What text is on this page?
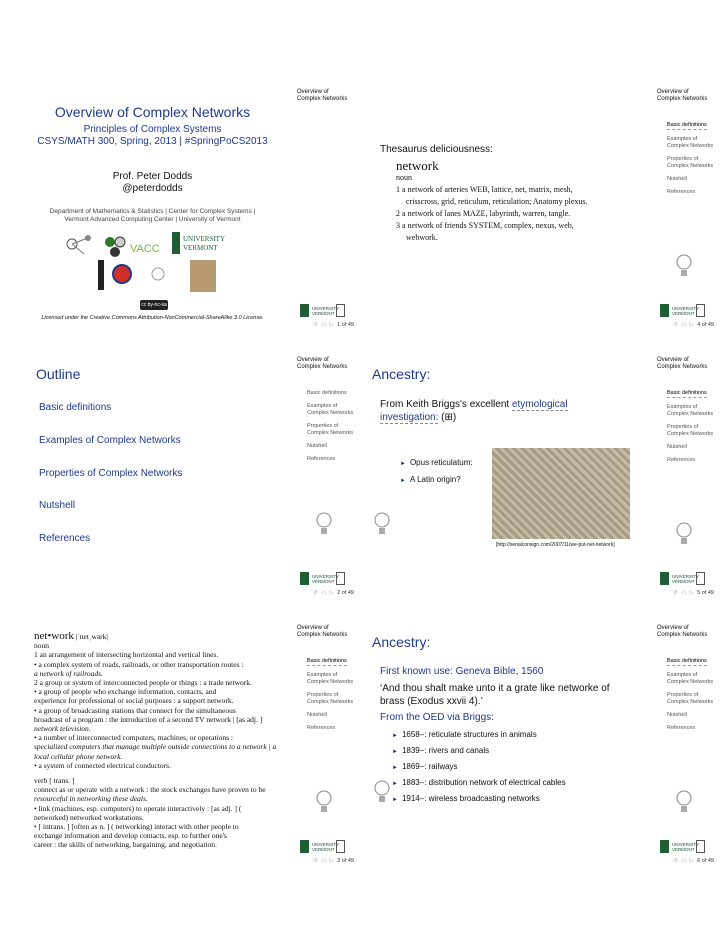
Overview of
Complex Networks
Overview of Complex Networks
Principles of Complex Systems
CSYS/MATH 300, Spring, 2013 | #SpringPoCS2013
Prof. Peter Dodds
@peterdodds
Department of Mathematics & Statistics | Center for Complex Systems |
Vermont Advanced Computing Center | University of Vermont
VACC
UNIVERSITY
VERMONT
cc by-nc-sa
Licensed under the Creative Commons Attribution-NonCommercial-ShareAlike 3.0 License.
UNIVERSITY
VERMONT
↺ ◁ ▷ 1 of 49
Overview of
Complex Networks
Basic definitions
Examples of Complex Networks
Properties of Complex Networks
Nutshell
References
Thesaurus deliciousness:
network
noun
1 a network of arteries WEB, lattice, net, matrix, mesh,
crisscross, grid, reticulum, reticulation; Anatomy plexus.
2 a network of lanes MAZE, labyrinth, warren, tangle.
3 a network of friends SYSTEM, complex, nexus, web,
webwork.
UNIVERSITY
VERMONT
↺ ◁ ▷ 4 of 49
Overview of
Complex Networks
Basic definitions
Examples of Complex Networks
Properties of Complex Networks
Nutshell
References
Outline
Basic definitions
Examples of Complex Networks
Properties of Complex Networks
Nutshell
References
UNIVERSITY
VERMONT
↺ ◁ ▷ 2 of 49
Overview of
Complex Networks
Basic definitions
Examples of Complex Networks
Properties of Complex Networks
Nutshell
References
Ancestry:
From Keith Briggs's excellent etymological investigation: (⊞)
► Opus reticulatum:
► A Latin origin?
[http://serialconsign.com/2007/11/we-put-net-network]
UNIVERSITY
VERMONT
↺ ◁ ▷ 5 of 49
Overview of
Complex Networks
Basic definitions
Examples of Complex Networks
Properties of Complex Networks
Nutshell
References
net•work |ˈnetˌwərk|
noun
1 an arrangement of intersecting horizontal and vertical lines.
• a complex system of roads, railroads, or other transportation routes :
a network of railroads.
2 a group or system of interconnected people or things : a trade network.
• a group of people who exchange information, contacts, and
experience for professional or social purposes : a support network.
• a group of broadcasting stations that connect for the simultaneous
broadcast of a program : the introduction of a second TV network | [as adj. ]
network television.
• a number of interconnected computers, machines, or operations :
specialized computers that manage multiple outside connections to a network | a
local cellular phone network.
• a system of connected electrical conductors.
verb [ trans. ]
connect as or operate with a network : the stock exchanges have proven to be
resourceful in networking these deals.
• link (machines, esp. computers) to operate interactively : [as adj. ] (
networked) networked workstations.
• [ intrans. ] [often as n. ] ( networking) interact with other people to
exchange information and develop contacts, esp. to further one's
career : the skills of networking, bargaining, and negotiation.	UNIVERSITY
VERMONT
↺ ◁ ▷ 3 of 49
Overview of
Complex Networks
Basic definitions
Examples of Complex Networks
Properties of Complex Networks
Nutshell
References
Ancestry:
First known use: Geneva Bible, 1560
‘And thou shalt make unto it a grate like networke of brass (Exodus xxvii 4).’
From the OED via Briggs:
► 1658–: reticulate structures in animals
► 1839–: rivers and canals
► 1869–: railways
► 1883–: distribution network of electrical cables
► 1914–: wireless broadcasting networks
UNIVERSITY
VERMONT
↺ ◁ ▷ 6 of 49
